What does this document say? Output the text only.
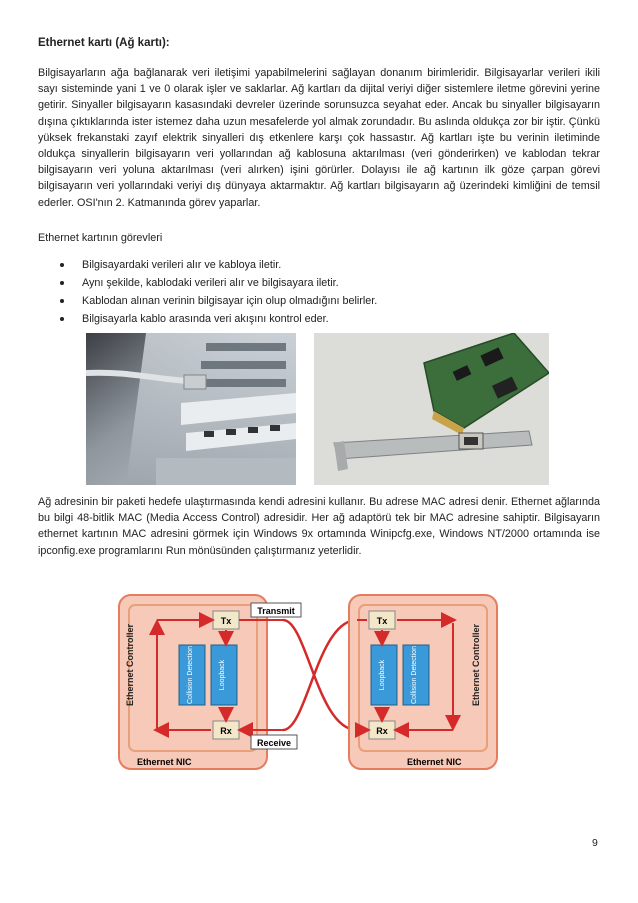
Ethernet kartı (Ağ kartı):

Bilgisayarların ağa bağlanarak veri iletişimi yapabilmelerini sağlayan donanım birimleridir. Bilgisayarlar verileri ikili sayı sisteminde yani 1 ve 0 olarak işler ve saklarlar. Ağ kartları da dijital veriyi diğer sistemlere iletme görevini yerine getirir. Sinyaller bilgisayarın kasasındaki devreler üzerinde sorunsuzca seyahat eder. Ancak bu sinyaller bilgisayarın dışına çıktıklarında ister istemez daha uzun mesafelerde yol almak zorundadır. Bu aslında oldukça zor bir iştir. Çünkü yüksek frekanstaki zayıf elektrik sinyalleri dış etkenlere karşı çok hassastır. Ağ kartları işte bu verinin iletiminde oldukça sinyallerin bilgisayarın veri yollarından ağ kablosuna aktarılması (veri gönderirken) ve kablodan tekrar bilgisayarın veri yoluna aktarılması (veri alırken) işini görürler. Dolayısı ile ağ kartının ilk göze çarpan görevi bilgisayarın veri yollarındaki veriyi dış dünyaya aktarmaktır. Ağ kartları bilgisayarın ağ üzerindeki kimliğini de temsil ederler. OSI'nın 2. Katmanında görev yaparlar.

Ethernet kartının görevleri

Bilgisayardaki verileri alır ve kabloya iletir.
Aynı şekilde, kablodaki verileri alır ve bilgisayara iletir.
Kablodan alınan verinin bilgisayar için olup olmadığını belirler.
Bilgisayarla kablo arasında veri akışını kontrol eder.

Ağ adresinin bir paketi hedefe ulaştırmasında kendi adresini kullanır. Bu adrese MAC adresi denir. Ethernet ağlarında bu bilgi 48-bitlik MAC (Media Access Control) adresidir. Her ağ adaptörü tek bir MAC adresine sahiptir. Bilgisayarın ethernet kartının MAC adresini görmek için Windows 9x ortamında Winipcfg.exe, Windows NT/2000 ortamında ise ipconfig.exe programlarını Run mönüsünden çalıştırmanız yeterlidir.

Ethernet Controller
Tx
Rx
Collision Detection	Loopback
Ethernet NIC
Transmit
Receive
Ethernet Controller
Tx
Rx
Loopback	Collision Detection
Ethernet NIC
9
